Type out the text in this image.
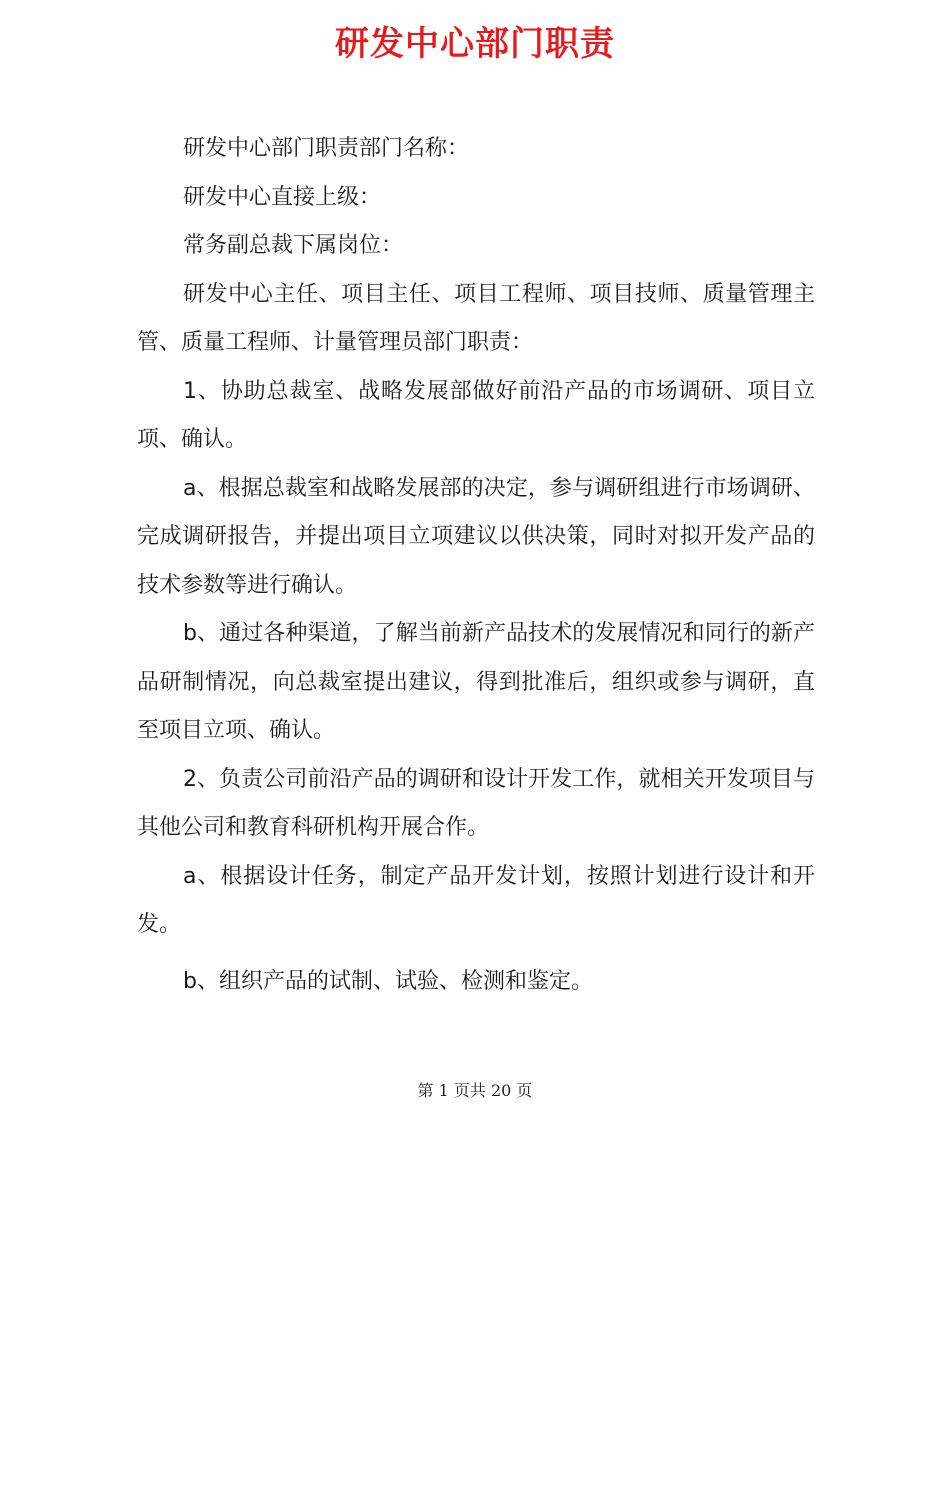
研发中心部门职责

研发中心部门职责部门名称：

研发中心直接上级：

常务副总裁下属岗位：

研发中心主任、项目主任、项目工程师、项目技师、质量管理主管、质量工程师、计量管理员部门职责：

1、协助总裁室、战略发展部做好前沿产品的市场调研、项目立项、确认。

a、根据总裁室和战略发展部的决定，参与调研组进行市场调研、完成调研报告，并提出项目立项建议以供决策，同时对拟开发产品的技术参数等进行确认。

b、通过各种渠道，了解当前新产品技术的发展情况和同行的新产品研制情况，向总裁室提出建议，得到批准后，组织或参与调研，直至项目立项、确认。

2、负责公司前沿产品的调研和设计开发工作，就相关开发项目与其他公司和教育科研机构开展合作。

a、根据设计任务，制定产品开发计划，按照计划进行设计和开发。

b、组织产品的试制、试验、检测和鉴定。

第 1 页共 20 页
